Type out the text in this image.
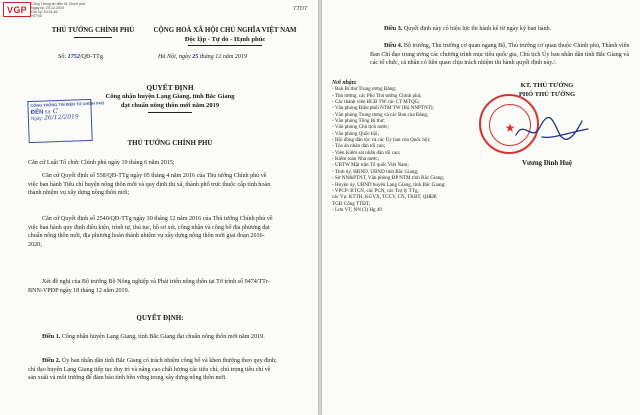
VGP
Cổng Thông tin điện tử Chính phủ
Ngày ký: 25.12.2019
Giờ ký: 10:24:46
+07'00
TTĐT
THỦ TƯỚNG CHÍNH PHỦ	CỘNG HOÀ XÃ HỘI CHỦ NGHĨA VIỆT NAM
Độc lập - Tự do - Hạnh phúc
Số: 1752/QĐ-TTg	Hà Nội, ngày 25 tháng 12 năm 2019
CỔNG THÔNG TIN ĐIỆN TỬ CHÍNH PHỦ
ĐẾN Số: C
Ngày: 26/12/2019
QUYẾT ĐỊNH
Công nhận huyện Lạng Giang, tỉnh Bắc Giang
đạt chuẩn nông thôn mới năm 2019
THỦ TƯỚNG CHÍNH PHỦ
Căn cứ Luật Tổ chức Chính phủ ngày 19 tháng 6 năm 2015;
Căn cứ Quyết định số 558/QĐ-TTg ngày 05 tháng 4 năm 2016 của Thủ tướng Chính phủ về việc ban hành Tiêu chí huyện nông thôn mới và quy định thị xã, thành phố trực thuộc cấp tỉnh hoàn thành nhiệm vụ xây dựng nông thôn mới;
Căn cứ Quyết định số 2540/QĐ-TTg ngày 30 tháng 12 năm 2016 của Thủ tướng Chính phủ về việc ban hành quy định điều kiện, trình tự, thủ tục, hồ sơ xét, công nhận và công bố địa phương đạt chuẩn nông thôn mới, địa phương hoàn thành nhiệm vụ xây dựng nông thôn mới giai đoạn 2016-2020;
Xét đề nghị của Bộ trưởng Bộ Nông nghiệp và Phát triển nông thôn tại Tờ trình số 9474/TTr-BNN-VPĐP ngày 18 tháng 12 năm 2019.
QUYẾT ĐỊNH:
Điều 1. Công nhận huyện Lạng Giang, tỉnh Bắc Giang đạt chuẩn nông thôn mới năm 2019.
Điều 2. Ủy ban nhân dân tỉnh Bắc Giang có trách nhiệm công bố và khen thưởng theo quy định; chỉ đạo huyện Lạng Giang tiếp tục duy trì và nâng cao chất lượng các tiêu chí, chú trọng tiêu chí về sản xuất và môi trường để đảm bảo tính bền vững trong xây dựng nông thôn mới.
Điều 3. Quyết định này có hiệu lực thi hành kể từ ngày ký ban hành.
Điều 4. Bộ trưởng, Thủ trưởng cơ quan ngang Bộ, Thủ trưởng cơ quan thuộc Chính phủ, Thành viên Ban Chỉ đạo trung ương các chương trình mục tiêu quốc gia, Chủ tịch Ủy ban nhân dân tỉnh Bắc Giang và các tổ chức, cá nhân có liên quan chịu trách nhiệm thi hành quyết định này./.
Nơi nhận:
- Ban Bí thư Trung ương Đảng;
- Thủ tướng, các Phó Thủ tướng Chính phủ;
- Các thành viên BCĐ TW các CT MTQG;
- Văn phòng Điều phối NTM TW (Bộ NNPTNT);
- Văn phòng Trung ương và các Ban của Đảng;
- Văn phòng Tổng Bí thư;
- Văn phòng Chủ tịch nước;
- Văn phòng Quốc hội;
- Hội đồng dân tộc và các Ủy ban của Quốc hội;
- Tòa án nhân dân tối cao;
- Viện Kiểm sát nhân dân tối cao;
- Kiểm toán Nhà nước;
- UBTW Mặt trận Tổ quốc Việt Nam;
- Tỉnh ủy, HĐND, UBND tỉnh Bắc Giang;
- Sở NN&PTNT, Văn phòng ĐP NTM tỉnh Bắc Giang;
- Huyện ủy, UBND huyện Lạng Giang, tỉnh Bắc Giang;
- VPCP: BTCN, các PCN, các Trợ lý TTg,
các Vụ: KTTH, KGVX, TCCV, CN, TKBT, QHĐP,
TGĐ Cổng TTĐT;
- Lưu VT, NN (3) Hg 49
KT. THỦ TƯỚNG
PHÓ THỦ TƯỚNG
★
Vương Đình Huệ
